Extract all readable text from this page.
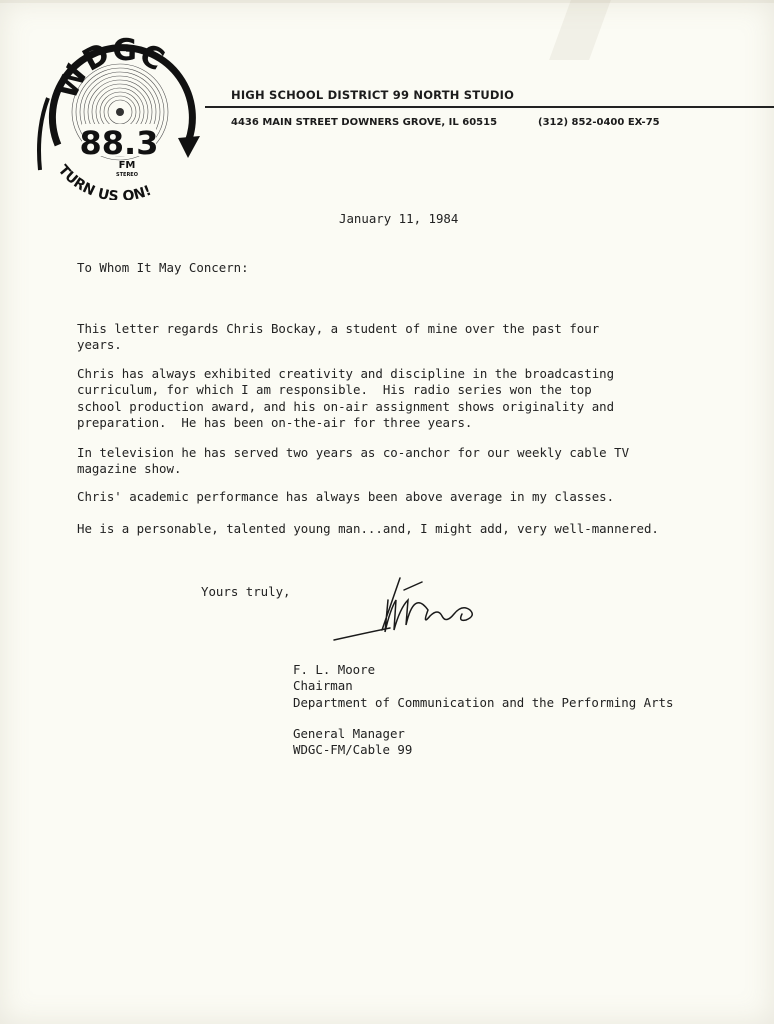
WDGC
88.3
FM
STEREO
TURN US ON!
HIGH SCHOOL DISTRICT 99 NORTH STUDIO
4436 MAIN STREET DOWNERS GROVE, IL 60515	(312) 852-0400 EX-75
January 11, 1984
To Whom It May Concern:
This letter regards Chris Bockay, a student of mine over the past four
years.
Chris has always exhibited creativity and discipline in the broadcasting
curriculum, for which I am responsible.  His radio series won the top
school production award, and his on-air assignment shows originality and
preparation.  He has been on-the-air for three years.
In television he has served two years as co-anchor for our weekly cable TV
magazine show.
Chris' academic performance has always been above average in my classes.
He is a personable, talented young man...and, I might add, very well-mannered.
Yours truly,
F. L. Moore
Chairman
Department of Communication and the Performing Arts
General Manager
WDGC-FM/Cable 99
